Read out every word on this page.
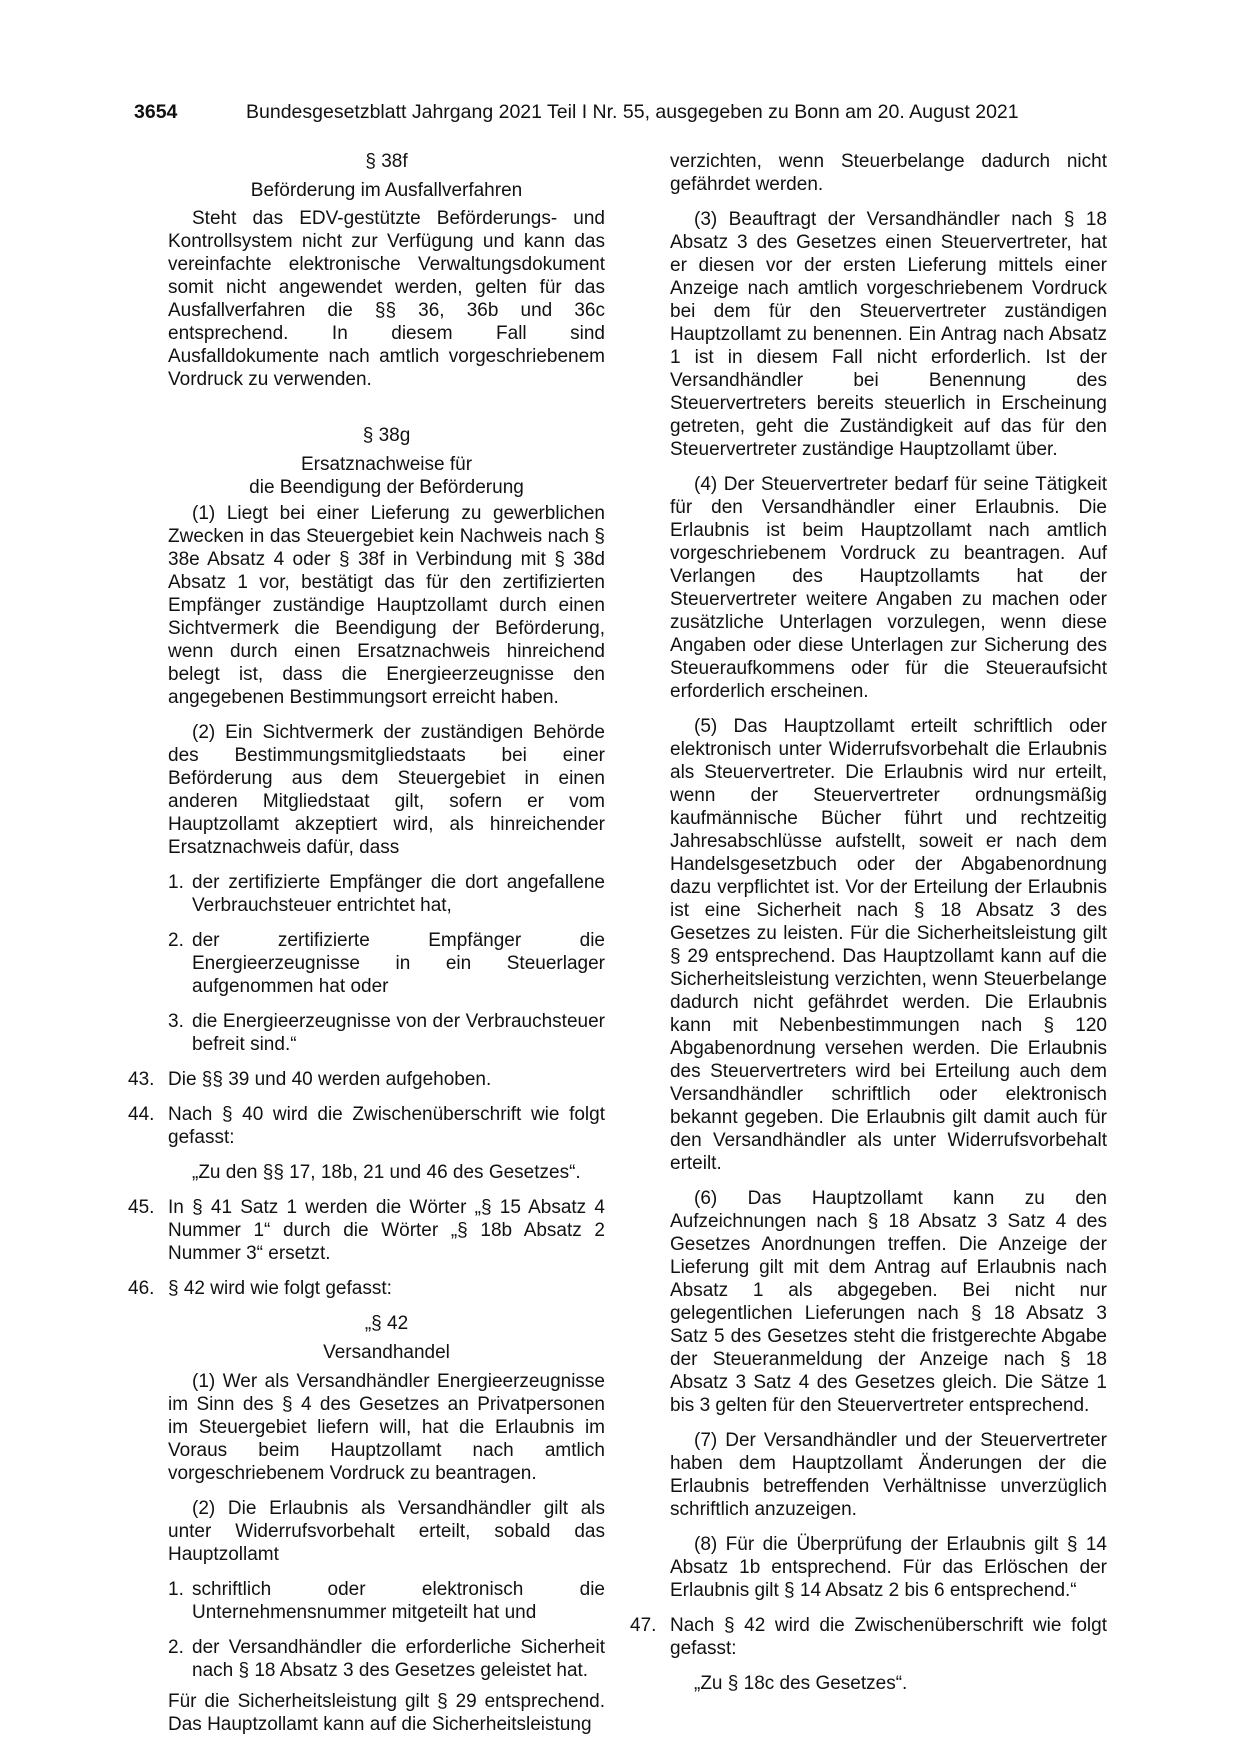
3654	Bundesgesetzblatt Jahrgang 2021 Teil I Nr. 55, ausgegeben zu Bonn am 20. August 2021

§ 38f

Beförderung im Ausfallverfahren

Steht das EDV-gestützte Beförderungs- und Kontrollsystem nicht zur Verfügung und kann das vereinfachte elektronische Verwaltungsdokument somit nicht angewendet werden, gelten für das Ausfallverfahren die §§ 36, 36b und 36c entsprechend. In diesem Fall sind Ausfalldokumente nach amtlich vorgeschriebenem Vordruck zu verwenden.

§ 38g

Ersatznachweise für

die Beendigung der Beförderung

(1) Liegt bei einer Lieferung zu gewerblichen Zwecken in das Steuergebiet kein Nachweis nach § 38e Absatz 4 oder § 38f in Verbindung mit § 38d Absatz 1 vor, bestätigt das für den zertifizierten Empfänger zuständige Hauptzollamt durch einen Sichtvermerk die Beendigung der Beförderung, wenn durch einen Ersatznachweis hinreichend belegt ist, dass die Energieerzeugnisse den angegebenen Bestimmungsort erreicht haben.

(2) Ein Sichtvermerk der zuständigen Behörde des Bestimmungsmitgliedstaats bei einer Beförderung aus dem Steuergebiet in einen anderen Mitgliedstaat gilt, sofern er vom Hauptzollamt akzeptiert wird, als hinreichender Ersatznachweis dafür, dass

1. der zertifizierte Empfänger die dort angefallene Verbrauchsteuer entrichtet hat,
2. der zertifizierte Empfänger die Energieerzeugnisse in ein Steuerlager aufgenommen hat oder
3. die Energieerzeugnisse von der Verbrauchsteuer befreit sind.“
43. Die §§ 39 und 40 werden aufgehoben.
44. Nach § 40 wird die Zwischenüberschrift wie folgt gefasst:

„Zu den §§ 17, 18b, 21 und 46 des Gesetzes“.

45. In § 41 Satz 1 werden die Wörter „§ 15 Absatz 4 Nummer 1“ durch die Wörter „§ 18b Absatz 2 Nummer 3“ ersetzt.
46. § 42 wird wie folgt gefasst:

„§ 42

Versandhandel

(1) Wer als Versandhändler Energieerzeugnisse im Sinn des § 4 des Gesetzes an Privatpersonen im Steuergebiet liefern will, hat die Erlaubnis im Voraus beim Hauptzollamt nach amtlich vorgeschriebenem Vordruck zu beantragen.

(2) Die Erlaubnis als Versandhändler gilt als unter Widerrufsvorbehalt erteilt, sobald das Hauptzollamt

1. schriftlich oder elektronisch die Unternehmensnummer mitgeteilt hat und
2. der Versandhändler die erforderliche Sicherheit nach § 18 Absatz 3 des Gesetzes geleistet hat.

Für die Sicherheitsleistung gilt § 29 entsprechend. Das Hauptzollamt kann auf die Sicherheitsleistung

verzichten, wenn Steuerbelange dadurch nicht gefährdet werden.

(3) Beauftragt der Versandhändler nach § 18 Absatz 3 des Gesetzes einen Steuervertreter, hat er diesen vor der ersten Lieferung mittels einer Anzeige nach amtlich vorgeschriebenem Vordruck bei dem für den Steuervertreter zuständigen Hauptzollamt zu benennen. Ein Antrag nach Absatz 1 ist in diesem Fall nicht erforderlich. Ist der Versandhändler bei Benennung des Steuervertreters bereits steuerlich in Erscheinung getreten, geht die Zuständigkeit auf das für den Steuervertreter zuständige Hauptzollamt über.

(4) Der Steuervertreter bedarf für seine Tätigkeit für den Versandhändler einer Erlaubnis. Die Erlaubnis ist beim Hauptzollamt nach amtlich vorgeschriebenem Vordruck zu beantragen. Auf Verlangen des Hauptzollamts hat der Steuervertreter weitere Angaben zu machen oder zusätzliche Unterlagen vorzulegen, wenn diese Angaben oder diese Unterlagen zur Sicherung des Steueraufkommens oder für die Steueraufsicht erforderlich erscheinen.

(5) Das Hauptzollamt erteilt schriftlich oder elektronisch unter Widerrufsvorbehalt die Erlaubnis als Steuervertreter. Die Erlaubnis wird nur erteilt, wenn der Steuervertreter ordnungsmäßig kaufmännische Bücher führt und rechtzeitig Jahresabschlüsse aufstellt, soweit er nach dem Handelsgesetzbuch oder der Abgabenordnung dazu verpflichtet ist. Vor der Erteilung der Erlaubnis ist eine Sicherheit nach § 18 Absatz 3 des Gesetzes zu leisten. Für die Sicherheitsleistung gilt § 29 entsprechend. Das Hauptzollamt kann auf die Sicherheitsleistung verzichten, wenn Steuerbelange dadurch nicht gefährdet werden. Die Erlaubnis kann mit Nebenbestimmungen nach § 120 Abgabenordnung versehen werden. Die Erlaubnis des Steuervertreters wird bei Erteilung auch dem Versandhändler schriftlich oder elektronisch bekannt gegeben. Die Erlaubnis gilt damit auch für den Versandhändler als unter Widerrufsvorbehalt erteilt.

(6) Das Hauptzollamt kann zu den Aufzeichnungen nach § 18 Absatz 3 Satz 4 des Gesetzes Anordnungen treffen. Die Anzeige der Lieferung gilt mit dem Antrag auf Erlaubnis nach Absatz 1 als abgegeben. Bei nicht nur gelegentlichen Lieferungen nach § 18 Absatz 3 Satz 5 des Gesetzes steht die fristgerechte Abgabe der Steueranmeldung der Anzeige nach § 18 Absatz 3 Satz 4 des Gesetzes gleich. Die Sätze 1 bis 3 gelten für den Steuervertreter entsprechend.

(7) Der Versandhändler und der Steuervertreter haben dem Hauptzollamt Änderungen der die Erlaubnis betreffenden Verhältnisse unverzüglich schriftlich anzuzeigen.

(8) Für die Überprüfung der Erlaubnis gilt § 14 Absatz 1b entsprechend. Für das Erlöschen der Erlaubnis gilt § 14 Absatz 2 bis 6 entsprechend.“

47. Nach § 42 wird die Zwischenüberschrift wie folgt gefasst:

„Zu § 18c des Gesetzes“.
